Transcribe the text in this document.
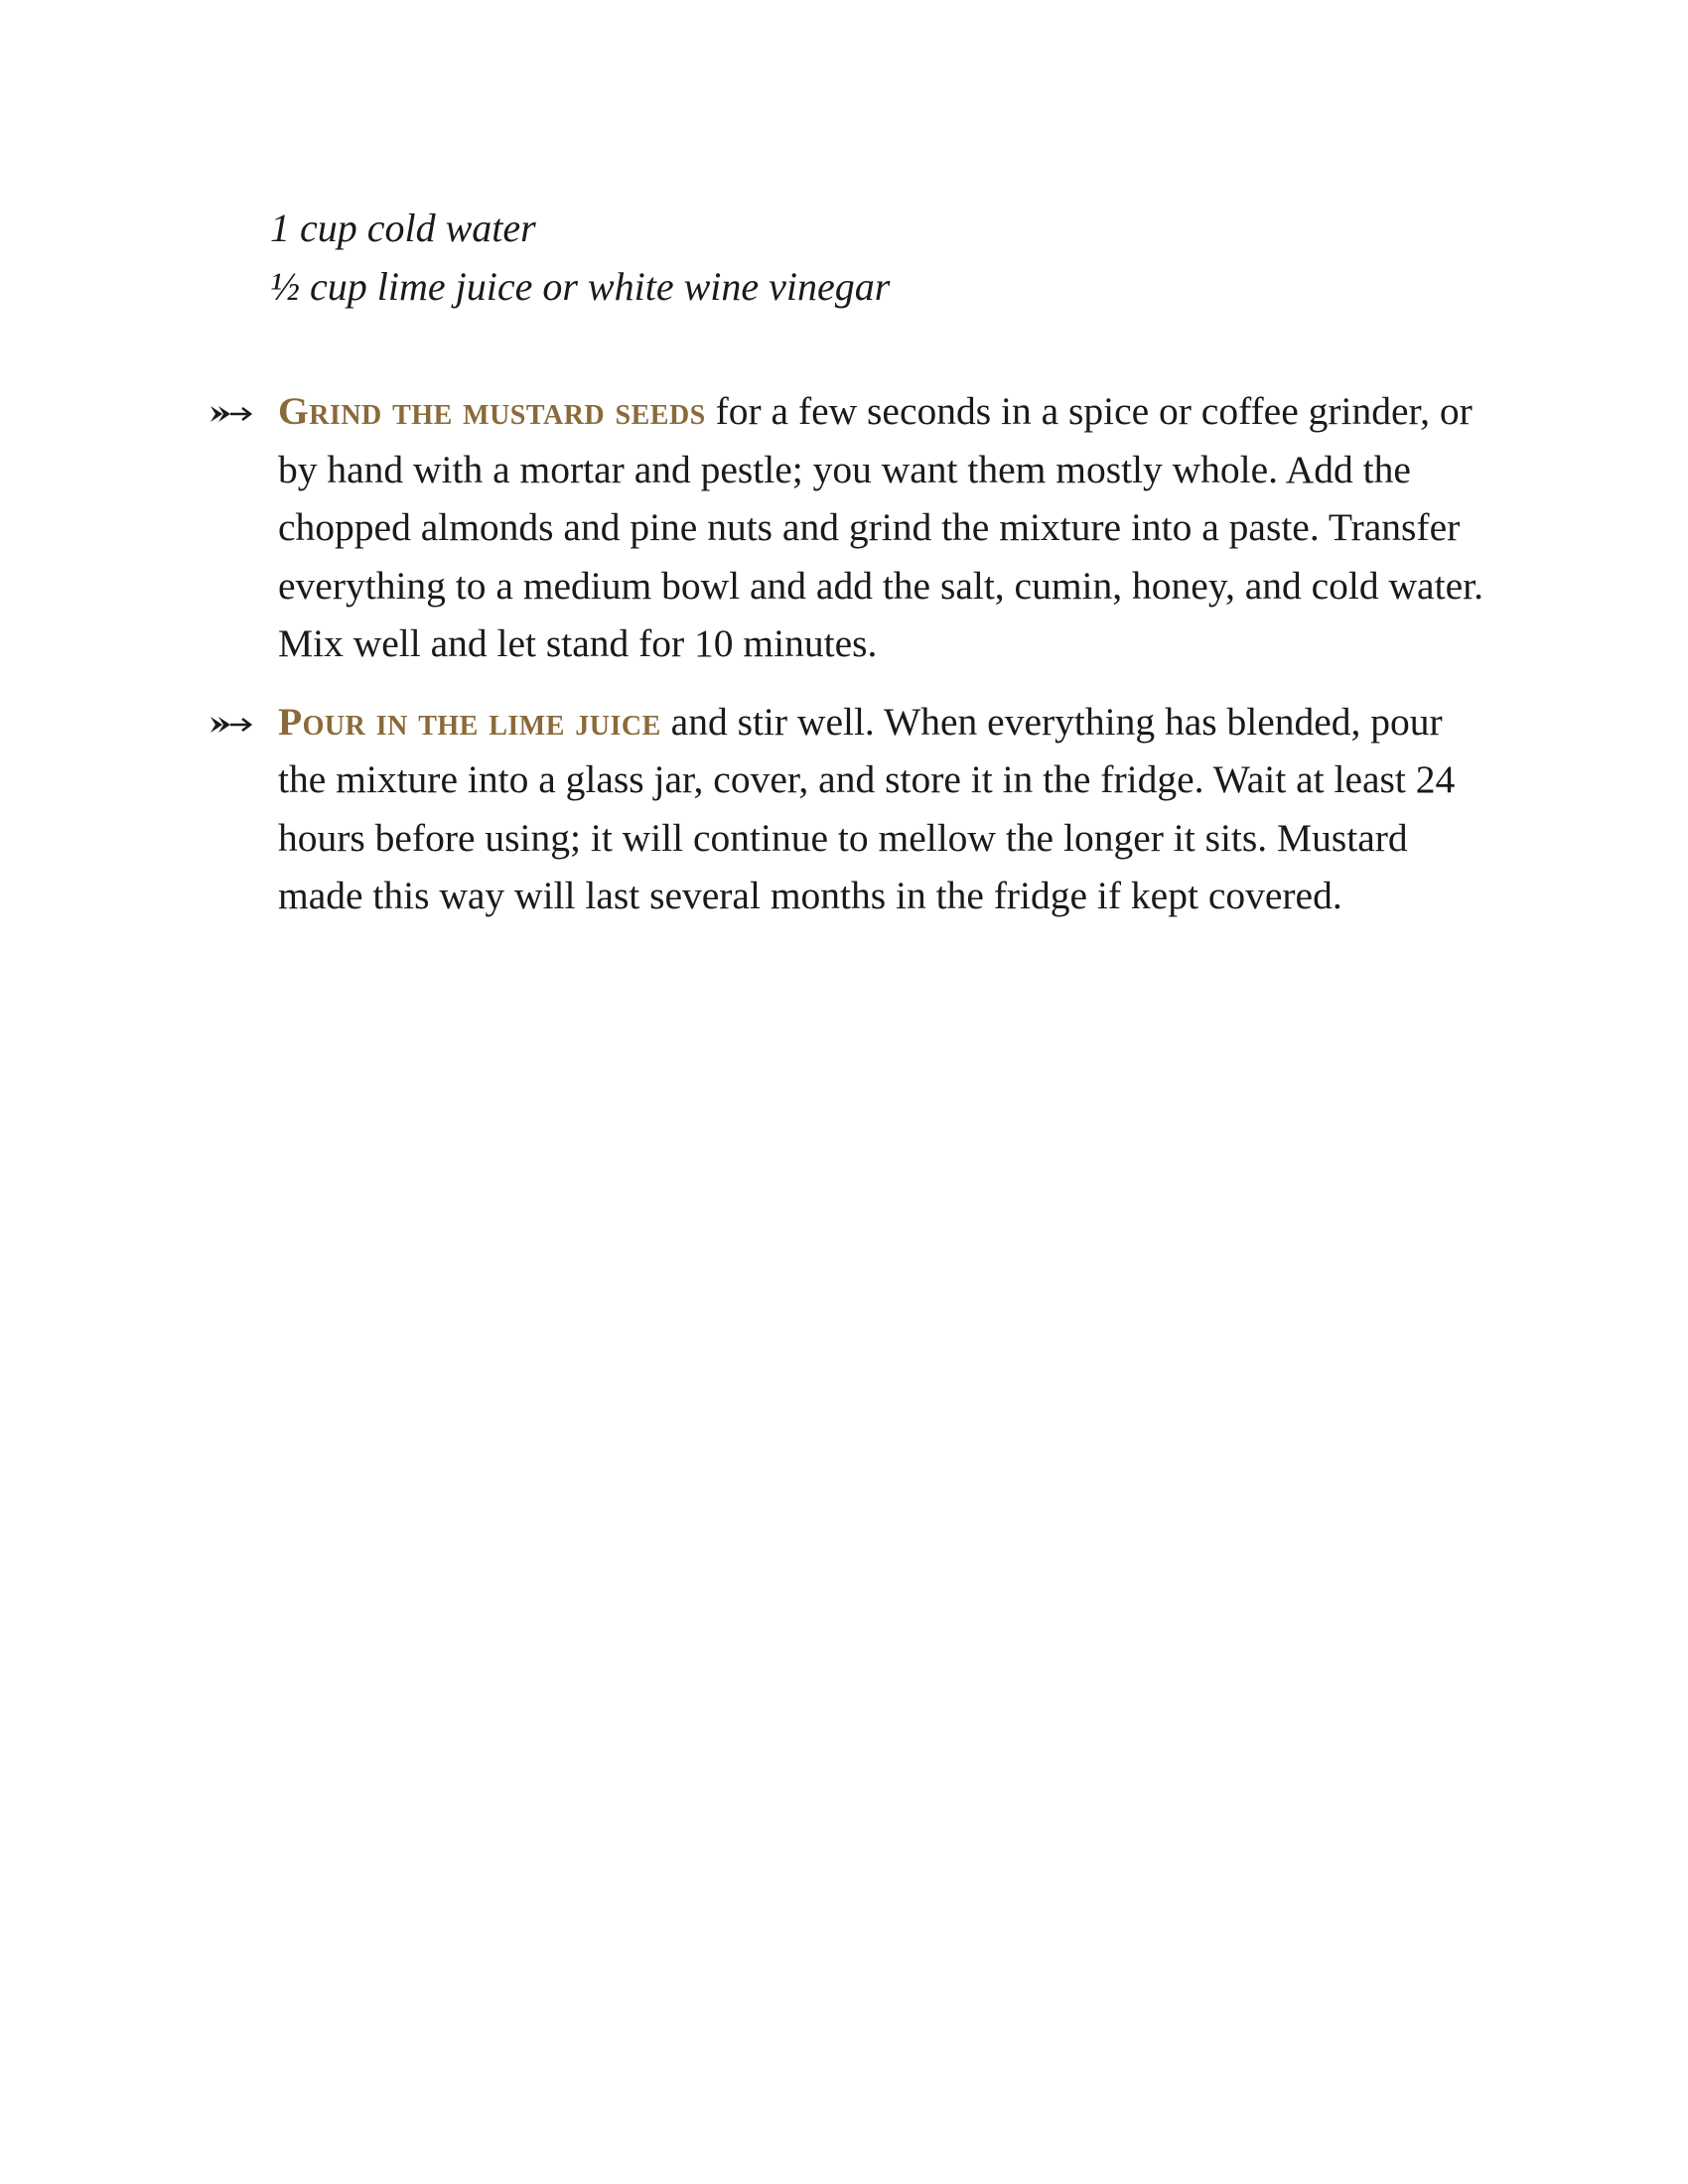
1 cup cold water
½ cup lime juice or white wine vinegar
Grind the mustard seeds for a few seconds in a spice or coffee grinder, or by hand with a mortar and pestle; you want them mostly whole. Add the chopped almonds and pine nuts and grind the mixture into a paste. Transfer everything to a medium bowl and add the salt, cumin, honey, and cold water. Mix well and let stand for 10 minutes.
Pour in the lime juice and stir well. When everything has blended, pour the mixture into a glass jar, cover, and store it in the fridge. Wait at least 24 hours before using; it will continue to mellow the longer it sits. Mustard made this way will last several months in the fridge if kept covered.
